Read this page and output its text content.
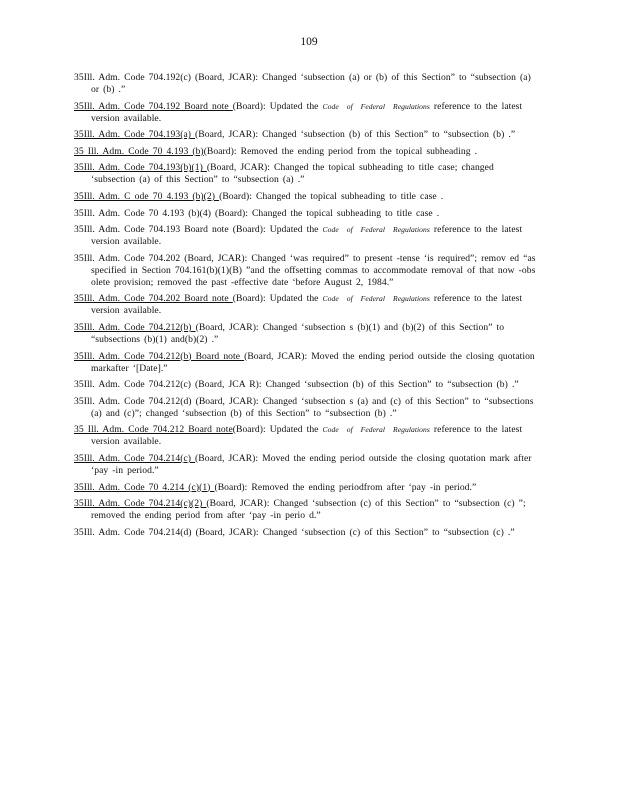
109

35Ill. Adm. Code 704.192(c) (Board, JCAR): Changed ‘subsection (a) or (b) of this Section” to “subsection (a) or (b) .”

35Ill. Adm. Code 704.192 Board note (Board): Updated the Code of Federal Regulations reference to the latest version available.

35Ill. Adm. Code 704.193(a) (Board, JCAR): Changed ‘subsection (b) of this Section” to “subsection (b) .”

35 Ill. Adm. Code 70 4.193 (b)(Board): Removed the ending period from the topical subheading .

35Ill. Adm. Code 704.193(b)(1) (Board, JCAR): Changed the topical subheading to title case; changed ‘subsection (a) of this Section” to “subsection (a) .”

35Ill. Adm. C ode 70 4.193 (b)(2) (Board): Changed the topical subheading to title case .

35Ill. Adm. Code 70 4.193 (b)(4) (Board): Changed the topical subheading to title case .

35Ill. Adm. Code 704.193 Board note (Board): Updated the Code of Federal Regulations reference to the latest version available.

35Ill. Adm. Code 704.202 (Board, JCAR): Changed ‘was required” to present -tense ‘is required”; remov ed “as specified in Section 704.161(b)(1)(B) ”and the offsetting commas to accommodate removal of that now -obs olete provision; removed the past -effective date ‘before August 2, 1984.”

35Ill. Adm. Code 704.202 Board note (Board): Updated the Code of Federal Regulations reference to the latest version available.

35Ill. Adm. Code 704.212(b) (Board, JCAR): Changed ‘subsection s (b)(1) and (b)(2) of this Section” to “subsections (b)(1) and(b)(2) .”

35Ill. Adm. Code 704.212(b) Board note (Board, JCAR): Moved the ending period outside the closing quotation markafter ‘[Date].”

35Ill. Adm. Code 704.212(c) (Board, JCA R): Changed ‘subsection (b) of this Section” to “subsection (b) .”

35Ill. Adm. Code 704.212(d) (Board, JCAR): Changed ‘subsection s (a) and (c) of this Section” to “subsections (a) and (c)”; changed ‘subsection (b) of this Section” to “subsection (b) .”

35 Ill. Adm. Code 704.212 Board note(Board): Updated the Code of Federal Regulations reference to the latest version available.

35Ill. Adm. Code 704.214(c) (Board, JCAR): Moved the ending period outside the closing quotation mark after ‘pay -in period.”

35Ill. Adm. Code 70 4.214 (c)(1) (Board): Removed the ending periodfrom after ‘pay -in period.”

35Ill. Adm. Code 704.214(c)(2) (Board, JCAR): Changed ‘subsection (c) of this Section” to “subsection (c) ”; removed the ending period from after ‘pay -in perio d.”

35Ill. Adm. Code 704.214(d) (Board, JCAR): Changed ‘subsection (c) of this Section” to “subsection (c) .”
